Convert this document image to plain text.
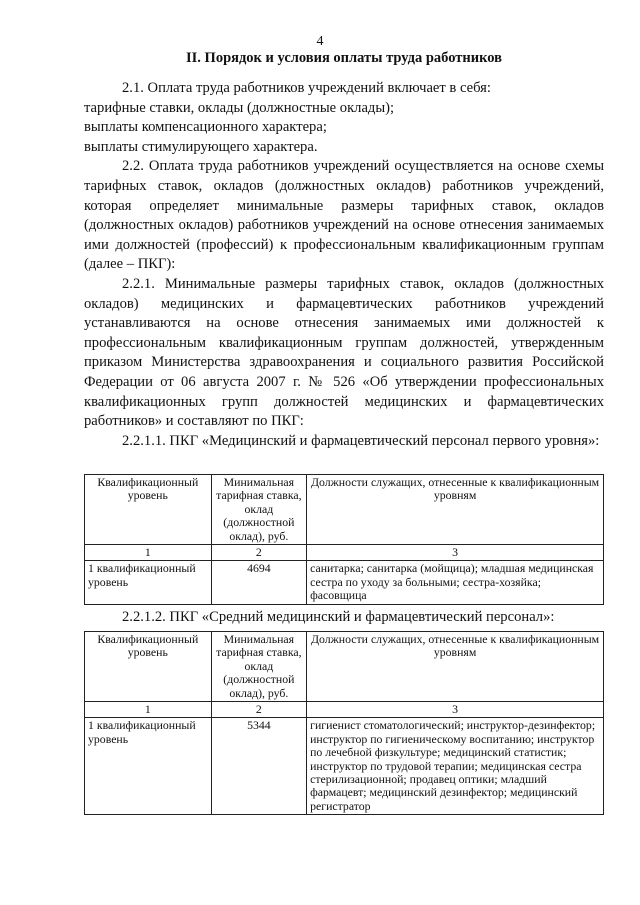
4
II. Порядок и условия оплаты труда работников

2.1. Оплата труда работников учреждений включает в себя:

тарифные ставки, оклады (должностные оклады);

выплаты компенсационного характера;

выплаты стимулирующего характера.

2.2. Оплата труда работников учреждений осуществляется на основе схемы тарифных ставок, окладов (должностных окладов) работников учреждений, которая определяет минимальные размеры тарифных ставок, окладов (должностных окладов) работников учреждений на основе отнесения занимаемых ими должностей (профессий) к профессиональным квалификационным группам (далее – ПКГ):

2.2.1. Минимальные размеры тарифных ставок, окладов (должностных окладов) медицинских и фармацевтических работников учреждений устанавливаются на основе отнесения занимаемых ими должностей к профессиональным квалификационным группам должностей, утвержденным приказом Министерства здравоохранения и социального развития Российской Федерации от 06 августа 2007 г. № 526 «Об утверждении профессиональных квалификационных групп должностей медицинских и фармацевтических работников» и составляют по ПКГ:

2.2.1.1. ПКГ «Медицинский и фармацевтический персонал первого уровня»:

Квалификационный уровень	Минимальная тарифная ставка, оклад (должностной оклад), руб.	Должности служащих, отнесенные к квалификационным уровням
1	2	3
1 квалификационный уровень	4694	санитарка; санитарка (мойщица); младшая медицинская сестра по уходу за больными; сестра-хозяйка; фасовщица

2.2.1.2. ПКГ «Средний медицинский и фармацевтический персонал»:

Квалификационный уровень	Минимальная тарифная ставка, оклад (должностной оклад), руб.	Должности служащих, отнесенные к квалификационным уровням
1	2	3
1 квалификационный уровень	5344	гигиенист стоматологический; инструктор-дезинфектор; инструктор по гигиеническому воспитанию; инструктор по лечебной физкультуре; медицинский статистик; инструктор по трудовой терапии; медицинская сестра стерилизационной; продавец оптики; младший фармацевт; медицинский дезинфектор; медицинский регистратор
